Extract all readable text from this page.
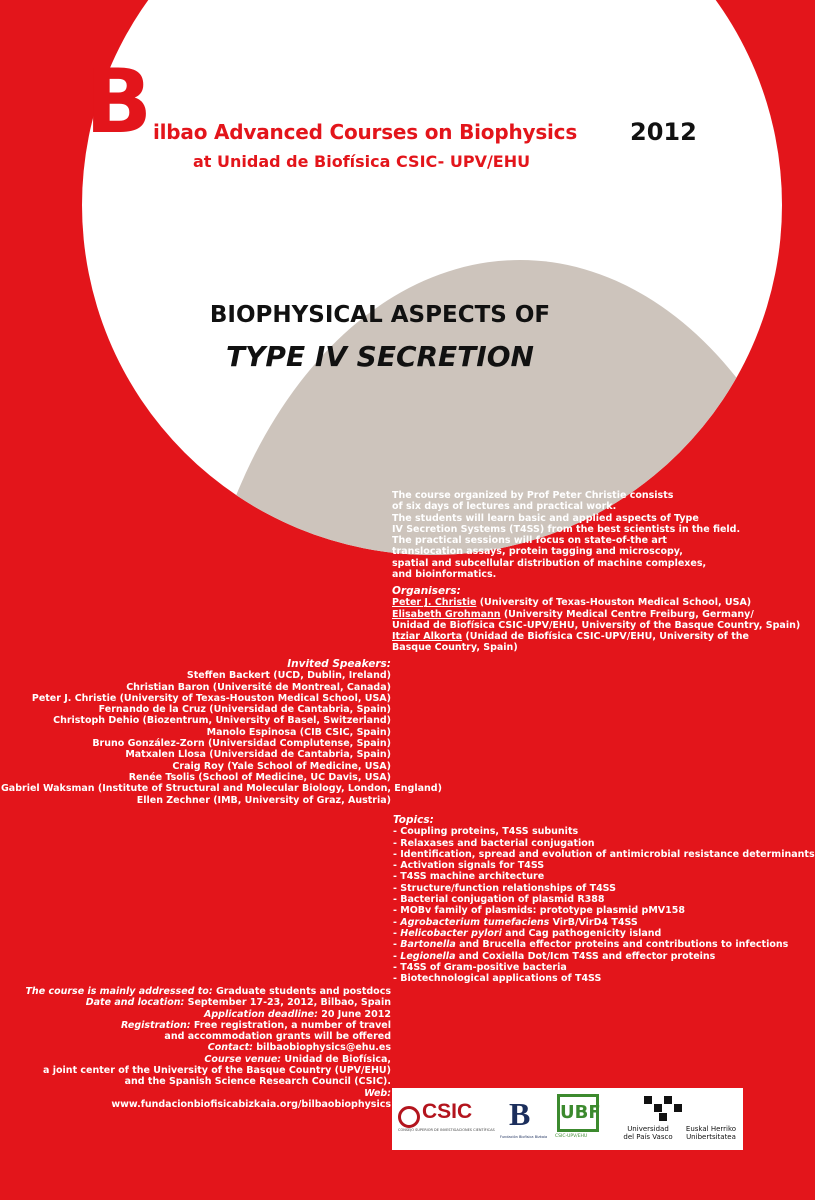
B ilbao Advanced Courses on Biophysics 2012
at Unidad de Biofísica CSIC- UPV/EHU
BIOPHYSICAL ASPECTS OF
TYPE IV SECRETION
The course organized by Prof Peter Christie consists
of six days of lectures and practical work.
The students will learn basic and applied aspects of Type
IV Secretion Systems (T4SS) from the best scientists in the field.
The practical sessions will focus on state-of-the art
translocation assays, protein tagging and microscopy,
spatial and subcellular distribution of machine complexes,
and bioinformatics.
Organisers:
Peter J. Christie (University of Texas-Houston Medical School, USA)
Elisabeth Grohmann (University Medical Centre Freiburg, Germany/
Unidad de Biofísica CSIC-UPV/EHU, University of the Basque Country, Spain)
Itziar Alkorta (Unidad de Biofísica CSIC-UPV/EHU, University of the
Basque Country, Spain)
Invited Speakers:
Steffen Backert (UCD, Dublin, Ireland)
Christian Baron (Université de Montreal, Canada)
Peter J. Christie (University of Texas-Houston Medical School, USA)
Fernando de la Cruz (Universidad de Cantabria, Spain)
Christoph Dehio (Biozentrum, University of Basel, Switzerland)
Manolo Espinosa (CIB CSIC, Spain)
Bruno González-Zorn (Universidad Complutense, Spain)
Matxalen Llosa (Universidad de Cantabria, Spain)
Craig Roy (Yale School of Medicine, USA)
Renée Tsolis (School of Medicine, UC Davis, USA)
Gabriel Waksman (Institute of Structural and Molecular Biology, London, England)
Ellen Zechner (IMB, University of Graz, Austria)
Topics:
- Coupling proteins, T4SS subunits
- Relaxases and bacterial conjugation
- Identification, spread and evolution of antimicrobial resistance determinants
- Activation signals for T4SS
- T4SS machine architecture
- Structure/function relationships of T4SS
- Bacterial conjugation of plasmid R388
- MOBv family of plasmids: prototype plasmid pMV158
- Agrobacterium tumefaciens VirB/VirD4 T4SS
- Helicobacter pylori and Cag pathogenicity island
- Bartonella and Brucella effector proteins and contributions to infections
- Legionella and Coxiella Dot/Icm T4SS and effector proteins
- T4SS of Gram-positive bacteria
- Biotechnological applications of T4SS
The course is mainly addressed to: Graduate students and postdocs
Date and location: September 17-23, 2012, Bilbao, Spain
Application deadline: 20 June 2012
Registration: Free registration, a number of travel
and accommodation grants will be offered
Contact: bilbaobiophysics@ehu.es
Course venue: Unidad de Biofísica,
a joint center of the University of the Basque Country (UPV/EHU)
and the Spanish Science Research Council (CSIC).
Web:
www.fundacionbiofisicabizkaia.org/bilbaobiophysics CSIC
CONSEJO SUPERIOR DE INVESTIGACIONES CIENTÍFICAS B
Fundación Biofísica Bizkaia
UBF
CSIC-UPV/EHU
Universidad
del País Vasco
Euskal Herriko
Unibertsitatea
